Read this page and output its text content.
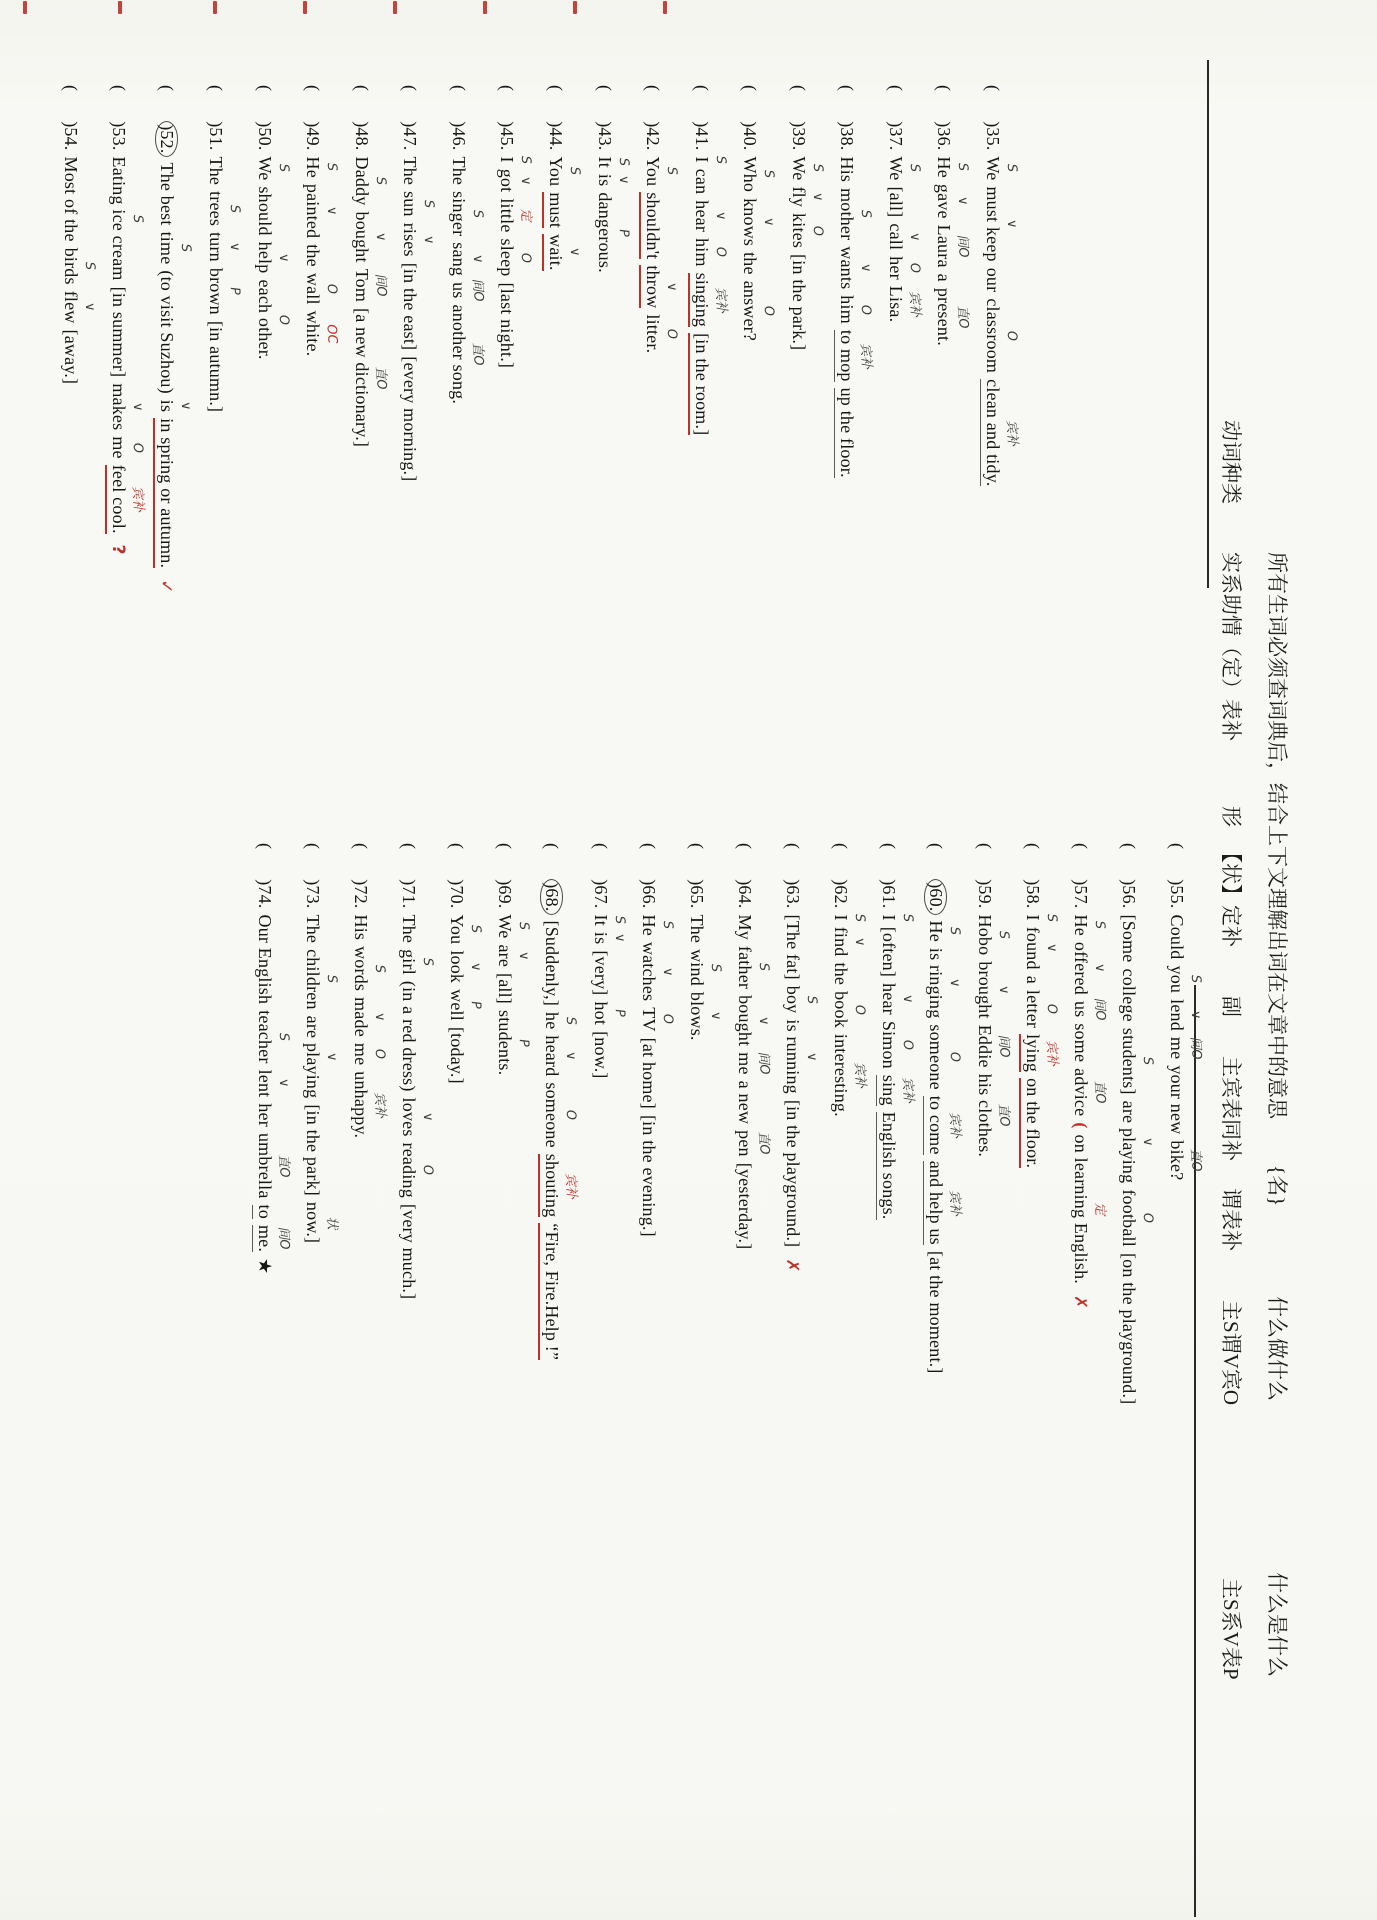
所有生词必须查词典后，结合上下文理解出词在文章中的意思
{名}
什么做什么
什么是什么
动词种类
实系助情（定）表补
形
【状】定补
副
主宾表同补
谓表补
主S谓V宾O
主S系V表P
()35.We S
must keep ∨
ourclassroom O
clean and tidy. 宾补
()36.He S
gave ∨
Laura 间O
apresent. 直O
()37.We S
[all]call ∨
her O
Lisa. 宾补
()38.Hismother S
wants ∨
him O
to mop 宾补
up the floor.
()39.We S
fly ∨
kites O
[in the park.]
()40.Who S
knows ∨
theanswer? O
()41.I S
canhear ∨
him O
singing 宾补
[in the room.]
()42.You S
shouldn'tthrow ∨
litter. O
()43.It S
is ∨
dangerous. P
()44.You S
mustwait. ∨
()45.I S
got ∨
little 定
sleep O
[last night.]
()46.Thesinger S
sang ∨
us 间O
another song. 直O
()47.Thesun S
rises ∨
[in the east][every morning.]
()48.Daddy S
bought ∨
Tom 间O
[a new dictionary.] 直O
()49.He S
painted ∨
thewall O
white. OC
()50.We S
shouldhelp ∨
each other. O
()51.Thetrees S
turn ∨
brown P
[in autumn.]
()52.The besttime S
(to visit Suzhou)is ∨
in spring or autumn.✓
()53.Eating ice cream S
[in summer]makes ∨
me O
feel cool. 宾补
?
()54.Most of thebirds S
flew ∨
[away.]
()55.Couldyou S
lend ∨
me 间O
your newbike? 直O
()56.[Somecollegestudents] S
are playing ∨
football O
[on the playground.]
()57.He S
offered ∨
us 间O
someadvice 直O
(on learning English. 定
✗
()58.I S
found ∨
aletter O
lying 宾补
on the floor.
()59.Hobo S
brought ∨
Eddie 间O
his clothes. 直O
()60.He S
is ringing ∨
someone O
to come 宾补
and help us 宾补
[at the moment.]
()61.I S
[often]hear ∨
Simon O
sing 宾补
English songs.
()62.I S
find ∨
thebook O
interesting. 宾补
()63.[The fat]boy S
is running ∨
[in the playground.]✗
()64.Myfather S
bought ∨
me 间O
a newpen 直O
[yesterday.]
()65.Thewind S
blows. ∨
()66.He S
watches ∨
TV O
[at home][in the evening.]
()67.It S
is ∨
[very]hot P
[now.]
()68.[Suddenly,]he S
heard ∨
someone O
shouting 宾补
“Fire, Fire.Help !”
()69.We S
are ∨
[all]students. P
()70.You S
look ∨
well P
[today.]
()71.Thegirl S
(in a red dress)loves ∨
reading O
[very much.]
()72.Hiswords S
made ∨
me O
unhappy. 宾补
()73.Thechildren S
are playing ∨
[in the park]now.] 状
()74.Our Englishteacher S
lent ∨
herumbrella 直O
tome. 间O
★
